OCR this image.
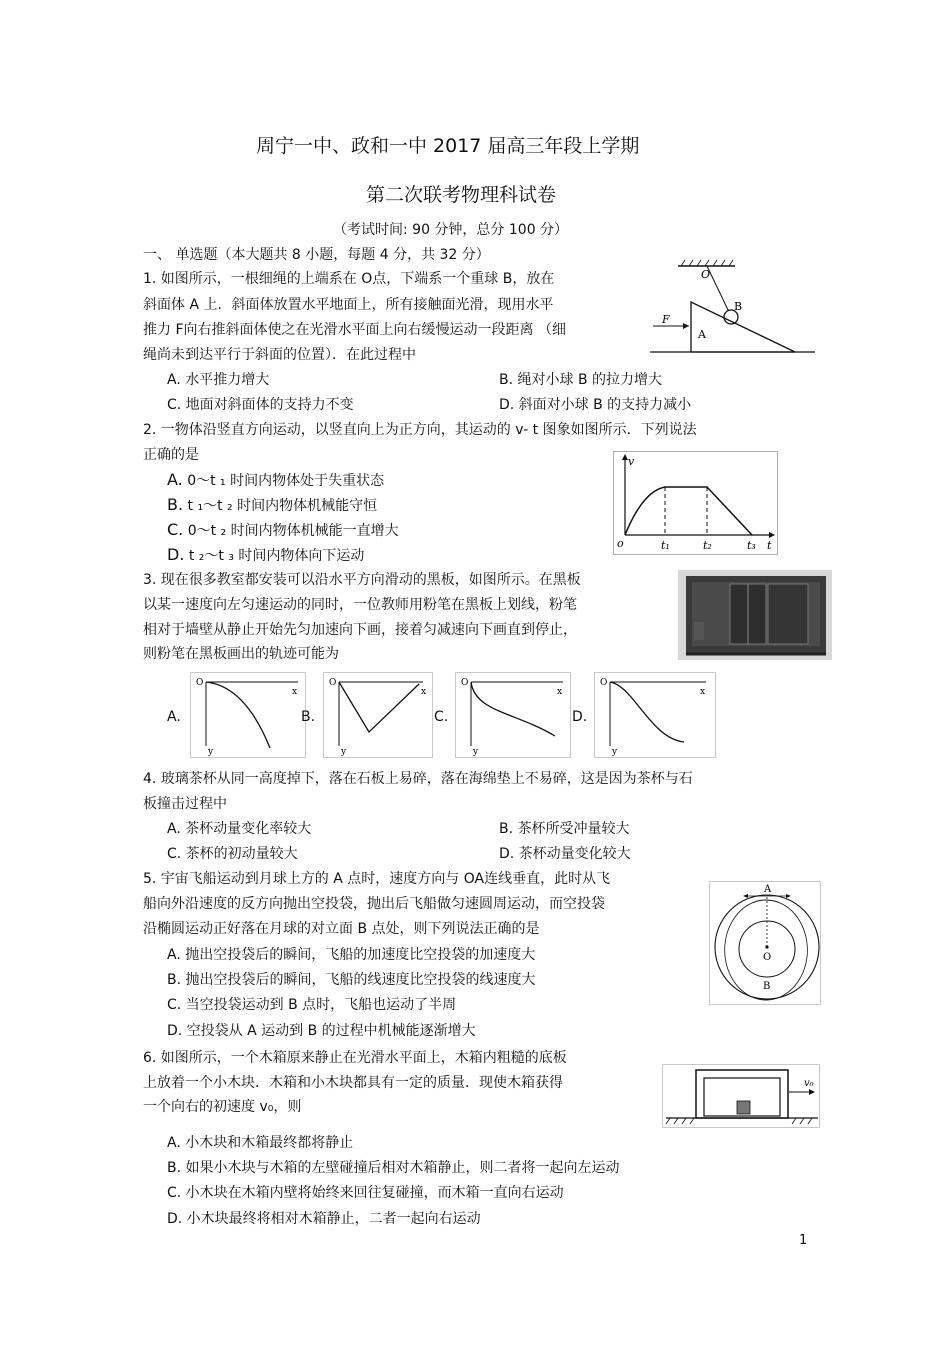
周宁一中、政和一中 2017 届高三年段上学期
第二次联考物理科试卷
（考试时间: 90 分钟，总分 100 分）
一、 单选题（本大题共 8 小题，每题 4 分，共 32 分）
1. 如图所示，一根细绳的上端系在 O点，下端系一个重球 B，放在
斜面体 A 上．斜面体放置水平地面上，所有接触面光滑，现用水平
推力 F向右推斜面体使之在光滑水平面上向右缓慢运动一段距离 （细
绳尚未到达平行于斜面的位置）．在此过程中
A. 水平推力增大	B. 绳对小球 B 的拉力增大
C. 地面对斜面体的支持力不变	D. 斜面对小球 B 的支持力减小
O
B
F
A
2. 一物体沿竖直方向运动，以竖直向上为正方向，其运动的 v- t 图象如图所示．下列说法
正确的是
A. 0～t ₁ 时间内物体处于失重状态
B. t ₁～t ₂ 时间内物体机械能守恒
C. 0～t ₂ 时间内物体机械能一直增大
D. t ₂～t ₃ 时间内物体向下运动
v
o	t₁	t₂	t₃ t
3. 现在很多教室都安装可以沿水平方向滑动的黑板，如图所示。在黑板
以某一速度向左匀速运动的同时，一位教师用粉笔在黑板上划线，粉笔
相对于墙壁从静止开始先匀加速向下画，接着匀减速向下画直到停止，
则粉笔在黑板画出的轨迹可能为
A.
O
x
y
B.
O
x
y
C.
O
x
y
D.
O
x
y
4. 玻璃茶杯从同一高度掉下，落在石板上易碎，落在海绵垫上不易碎，这是因为茶杯与石
板撞击过程中
A. 茶杯动量变化率较大	B. 茶杯所受冲量较大
C. 茶杯的初动量较大	D. 茶杯动量变化较大
5. 宇宙飞船运动到月球上方的 A 点时，速度方向与 OA连线垂直，此时从飞
船向外沿速度的反方向抛出空投袋，抛出后飞船做匀速圆周运动，而空投袋
沿椭圆运动正好落在月球的对立面 B 点处，则下列说法正确的是
A. 抛出空投袋后的瞬间，飞船的加速度比空投袋的加速度大
B. 抛出空投袋后的瞬间，飞船的线速度比空投袋的线速度大
C. 当空投袋运动到 B 点时，飞船也运动了半周
D. 空投袋从 A 运动到 B 的过程中机械能逐渐增大
A
O
B
6. 如图所示，一个木箱原来静止在光滑水平面上，木箱内粗糙的底板
上放着一个小木块．木箱和小木块都具有一定的质量．现使木箱获得
一个向右的初速度 v₀，则
A. 小木块和木箱最终都将静止
B. 如果小木块与木箱的左壁碰撞后相对木箱静止，则二者将一起向左运动
C. 小木块在木箱内壁将始终来回往复碰撞，而木箱一直向右运动
D. 小木块最终将相对木箱静止，二者一起向右运动
v₀
1
